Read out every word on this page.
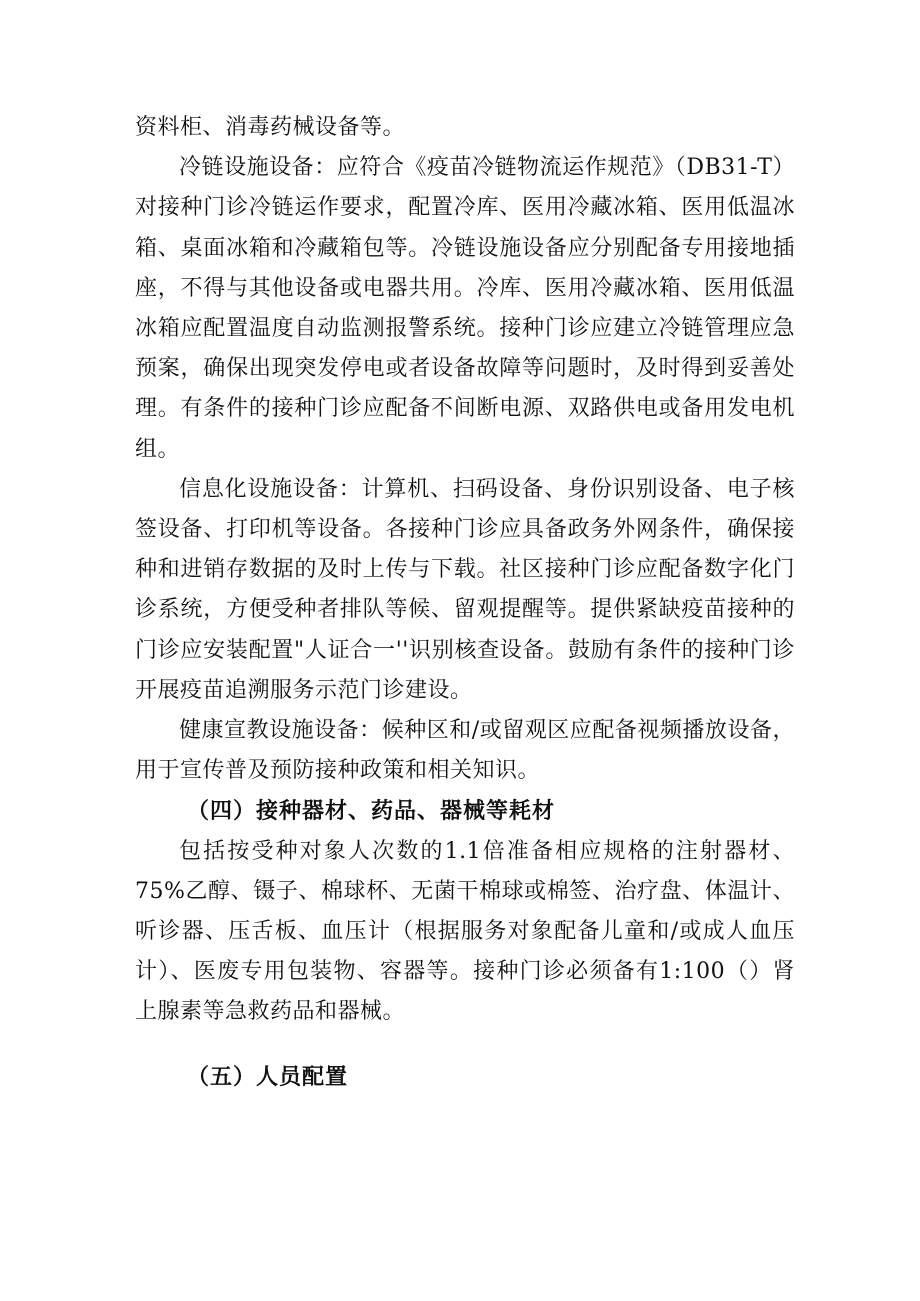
资料柜、消毒药械设备等。

冷链设施设备：应符合《疫苗冷链物流运作规范》（DB31-T）对接种门诊冷链运作要求，配置冷库、医用冷藏冰箱、医用低温冰箱、桌面冰箱和冷藏箱包等。冷链设施设备应分别配备专用接地插座，不得与其他设备或电器共用。冷库、医用冷藏冰箱、医用低温冰箱应配置温度自动监测报警系统。接种门诊应建立冷链管理应急预案，确保出现突发停电或者设备故障等问题时，及时得到妥善处理。有条件的接种门诊应配备不间断电源、双路供电或备用发电机组。

信息化设施设备：计算机、扫码设备、身份识别设备、电子核签设备、打印机等设备。各接种门诊应具备政务外网条件，确保接种和进销存数据的及时上传与下载。社区接种门诊应配备数字化门诊系统，方便受种者排队等候、留观提醒等。提供紧缺疫苗接种的门诊应安装配置"人证合一''识别核查设备。鼓励有条件的接种门诊开展疫苗追溯服务示范门诊建设。

健康宣教设施设备：候种区和/或留观区应配备视频播放设备，用于宣传普及预防接种政策和相关知识。

（四）接种器材、药品、器械等耗材

包括按受种对象人次数的1.1倍准备相应规格的注射器材、75%乙醇、镊子、棉球杯、无菌干棉球或棉签、治疗盘、体温计、听诊器、压舌板、血压计（根据服务对象配备儿童和/或成人血压计）、医废专用包装物、容器等。接种门诊必须备有1:100（）肾上腺素等急救药品和器械。

（五）人员配置
